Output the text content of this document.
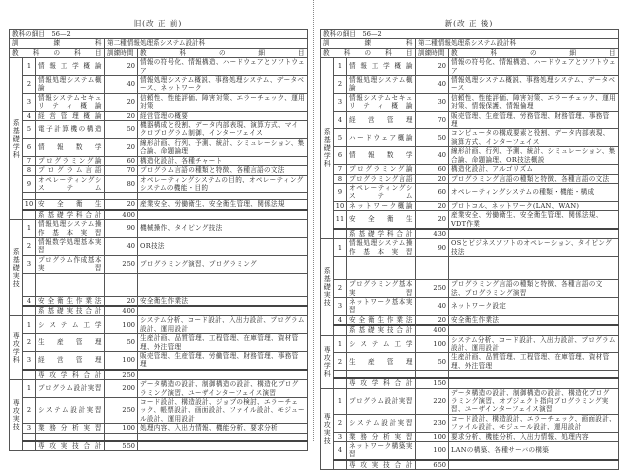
旧(改 正 前)
教科の細目　56—2				
訓　練　科			第二種情報処理系システム設計科	
教科の科目			訓練時間	教科の細目
系基礎学科	1	情報工学概論	20	情報の符号化、情報構造、ハードウェアとソフトウェア
	2	情報処理システム概論	40	情報処理システム概説、事務処理システム、データベース、ネットワーク
	3	情報システムセキュリティ概論	20	信頼性、性能評価、障害対策、エラーチェック、運用対策
	4	経営管理概論	20	経営管理の概要
	5	電子計算機の構造	50	機器構成と役割、データ内部表現、演算方式、マイクロプログラム制御、インターフェイス
	6	情報数学	20	線形計画、行列、予測、統計、シミュレーション、集合論、命題論理
	7	プログラミング論	60	構造化設計、各種チャート
	8	プログラム言語	70	プログラム言語の種類と特徴、各種言語の文法
	9	オペレーティングシステム	80	オペレーティングシステムの目的、オペレーティングシステムの機能・目的

	10	安全衛生	20	産業安全、労働衛生、安全衛生管理、関係法規
		系基礎学科合計	400	
系基礎実技	1	情報処理システム操作基本実習	90	機械操作、タイピング技法
	2	情報数学処理基本実習	40	OR技法
	3	プログラム作成基本実習	250	プログラミング演習、プログラミング

	4	安全衛生作業法	20	安全衛生作業法
		系基礎実技合計	400	
専攻学科	1	システム工学	100	システム分析、コード設計、入出力設計、プログラム設計、運用設計
	2	生産管理	50	生産計画、品質管理、工程管理、在庫管理、資材管理、外注管理
	3	経営管理	100	販売管理、生産管理、労働管理、財務管理、事務管理
		専攻学科合計	250	
専攻実技	1	プログラム設計実習	200	データ構造の設計、制御構造の設計、構造化プログラミング演習、ユーザインターフェイス演習
	2	システム設計実習	250	コード設計、構造設計、ジョブの検討、エラーチェック、帳票設計、画面設計、ファイル設計、モジュール設計、運用設計
	3	業務分析実習	100	処理内容、入出力情報、機能分析、要求分析

		専攻実技合計	550	
新(改 正 後)
教科の細目　56—2				
訓　練　科			第二種情報処理系システム設計科	
教科の科目			訓練時間	教科の細目
系基礎学科	1	情報工学概論	20	情報の符号化、情報構造、ハードウェアとソフトウェア
	2	情報処理システム概論	40	情報処理システム概説、事務処理システム、データベース
	3	情報システムセキュリティ概論	30	信頼性、性能評価、障害対策、エラーチェック、運用対策、情報保護、情報倫理
	4	経営管理	70	販売管理、生産管理、労務管理、財務管理、事務管理
	5	ハードウェア概論	50	コンピュータの構成要素と役割、データ内部表現、演算方式、インターフェイス
	6	情報数学	40	線形計画、行列、予測、統計、シミュレーション、集合論、命題論理、OR技法概説
	7	プログラミング論	60	構造化設計、アルゴリズム
	8	プログラミング言語	20	プログラミング言語の種類と特徴、各種言語の文法
	9	オペレーティングシステム	60	オペレーティングシステムの種類・機能・構成
	10	ネットワーク概論	20	プロトコル、ネットワーク(LAN、WAN)
	11	安全衛生	20	産業安全、労働衛生、安全衛生管理、関係法規、VDT作業
		系基礎学科合計	430	
系基礎実技	1	情報処理システム操作基本実習	90	OSとビジネスソフトのオペレーション、タイピング技法

	2	プログラミング基本実習	250	プログラミング言語の種類と特徴、各種言語の文法、プログラミング演習
	3	ネットワーク基本実習	40	ネットワーク設定
	4	安全衛生作業法	20	安全衛生作業法
		系基礎実技合計	400	
専攻学科	1	システム工学	100	システム分析、コード設計、入出力設計、プログラム設計、運用設計
	2	生産管理	50	生産計画、品質管理、工程管理、在庫管理、資材管理、外注管理

		専攻学科合計	150	
専攻実技	1	プログラム設計実習	220	データ構造の設計、制御構造の設計、構造化プログラミング演習、オブジェクト指向プログラミング実習、ユーザインターフェイス演習
	2	システム設計実習	230	コード設計、構造設計、エラーチェック、画面設計、ファイル設計、モジュール設計、運用設計
	3	業務分析実習	100	要求分析、機能分析、入出力情報、処理内容
	4	ネットワーク構築実習	100	LANの構築、各種サーバの構築
		専攻実技合計	650	
